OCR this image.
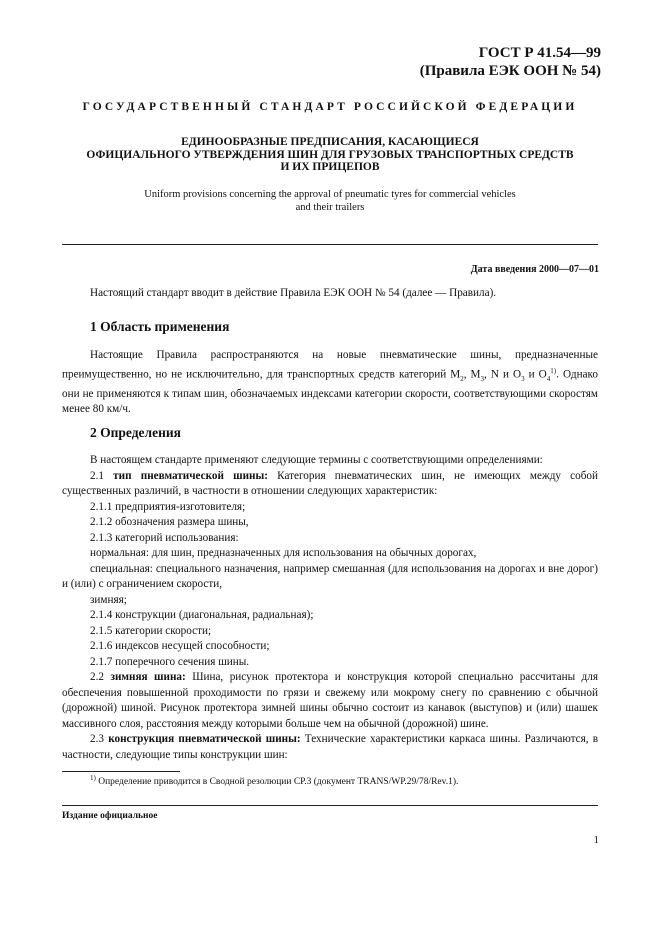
ГОСТ Р 41.54—99
(Правила ЕЭК ООН № 54)
ГОСУДАРСТВЕННЫЙ СТАНДАРТ РОССИЙСКОЙ ФЕДЕРАЦИИ
ЕДИНООБРАЗНЫЕ ПРЕДПИСАНИЯ, КАСАЮЩИЕСЯ
ОФИЦИАЛЬНОГО УТВЕРЖДЕНИЯ ШИН ДЛЯ ГРУЗОВЫХ ТРАНСПОРТНЫХ СРЕДСТВ
И ИХ ПРИЦЕПОВ
Uniform provisions concerning the approval of pneumatic tyres for commercial vehicles
and their trailers
Дата введения 2000—07—01
Настоящий стандарт вводит в действие Правила ЕЭК ООН № 54 (далее — Правила).
1 Область применения
Настоящие Правила распространяются на новые пневматические шины, предназначенные преимущественно, но не исключительно, для транспортных средств категорий $M_2$, $M_3$, N и $O_3$ и $O_4^{1)}$. Однако они не применяются к типам шин, обозначаемых индексами категории скорости, соответствующими скоростям менее 80 км/ч.
2 Определения
В настоящем стандарте применяют следующие термины с соответствующими определениями:
2.1 тип пневматической шины: Категория пневматических шин, не имеющих между собой существенных различий, в частности в отношении следующих характеристик:
2.1.1 предприятия-изготовителя;
2.1.2 обозначения размера шины,
2.1.3 категорий использования:
нормальная: для шин, предназначенных для использования на обычных дорогах,
специальная: специального назначения, например смешанная (для использования на дорогах и вне дорог) и (или) с ограничением скорости,
зимняя;
2.1.4 конструкции (диагональная, радиальная);
2.1.5 категории скорости;
2.1.6 индексов несущей способности;
2.1.7 поперечного сечения шины.
2.2 зимняя шина: Шина, рисунок протектора и конструкция которой специально рассчитаны для обеспечения повышенной проходимости по грязи и свежему или мокрому снегу по сравнению с обычной (дорожной) шиной. Рисунок протектора зимней шины обычно состоит из канавок (выступов) и (или) шашек массивного слоя, расстояния между которыми больше чем на обычной (дорожной) шине.
2.3 конструкция пневматической шины: Технические характеристики каркаса шины. Различаются, в частности, следующие типы конструкции шин:
$^{1)}$ Определение приводится в Сводной резолюции СР.3 (документ TRANS/WP.29/78/Rev.1).
Издание официальное
1
